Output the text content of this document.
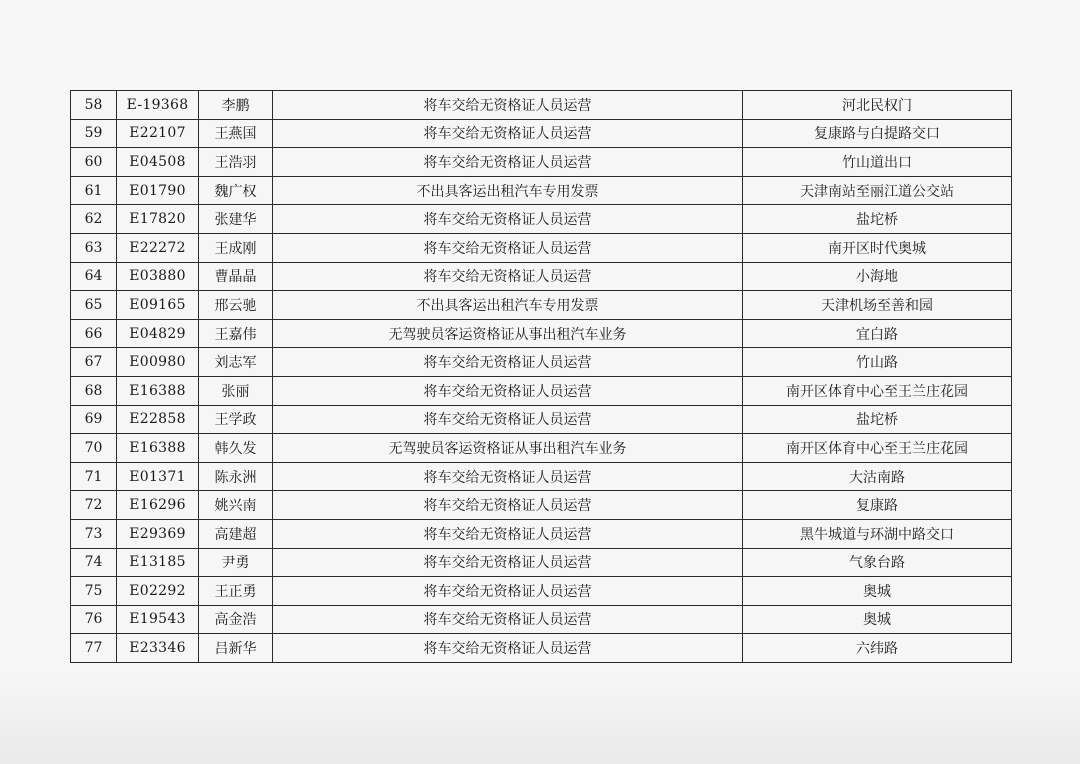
58	E-19368	李鹏	将车交给无资格证人员运营	河北民权门
59	E22107	王燕国	将车交给无资格证人员运营	复康路与白提路交口
60	E04508	王浩羽	将车交给无资格证人员运营	竹山道出口
61	E01790	魏广权	不出具客运出租汽车专用发票	天津南站至丽江道公交站
62	E17820	张建华	将车交给无资格证人员运营	盐坨桥
63	E22272	王成刚	将车交给无资格证人员运营	南开区时代奥城
64	E03880	曹晶晶	将车交给无资格证人员运营	小海地
65	E09165	邢云驰	不出具客运出租汽车专用发票	天津机场至善和园
66	E04829	王嘉伟	无驾驶员客运资格证从事出租汽车业务	宜白路
67	E00980	刘志军	将车交给无资格证人员运营	竹山路
68	E16388	张丽	将车交给无资格证人员运营	南开区体育中心至王兰庄花园
69	E22858	王学政	将车交给无资格证人员运营	盐坨桥
70	E16388	韩久发	无驾驶员客运资格证从事出租汽车业务	南开区体育中心至王兰庄花园
71	E01371	陈永洲	将车交给无资格证人员运营	大沽南路
72	E16296	姚兴南	将车交给无资格证人员运营	复康路
73	E29369	高建超	将车交给无资格证人员运营	黑牛城道与环湖中路交口
74	E13185	尹勇	将车交给无资格证人员运营	气象台路
75	E02292	王正勇	将车交给无资格证人员运营	奥城
76	E19543	高金浩	将车交给无资格证人员运营	奥城
77	E23346	吕新华	将车交给无资格证人员运营	六纬路
